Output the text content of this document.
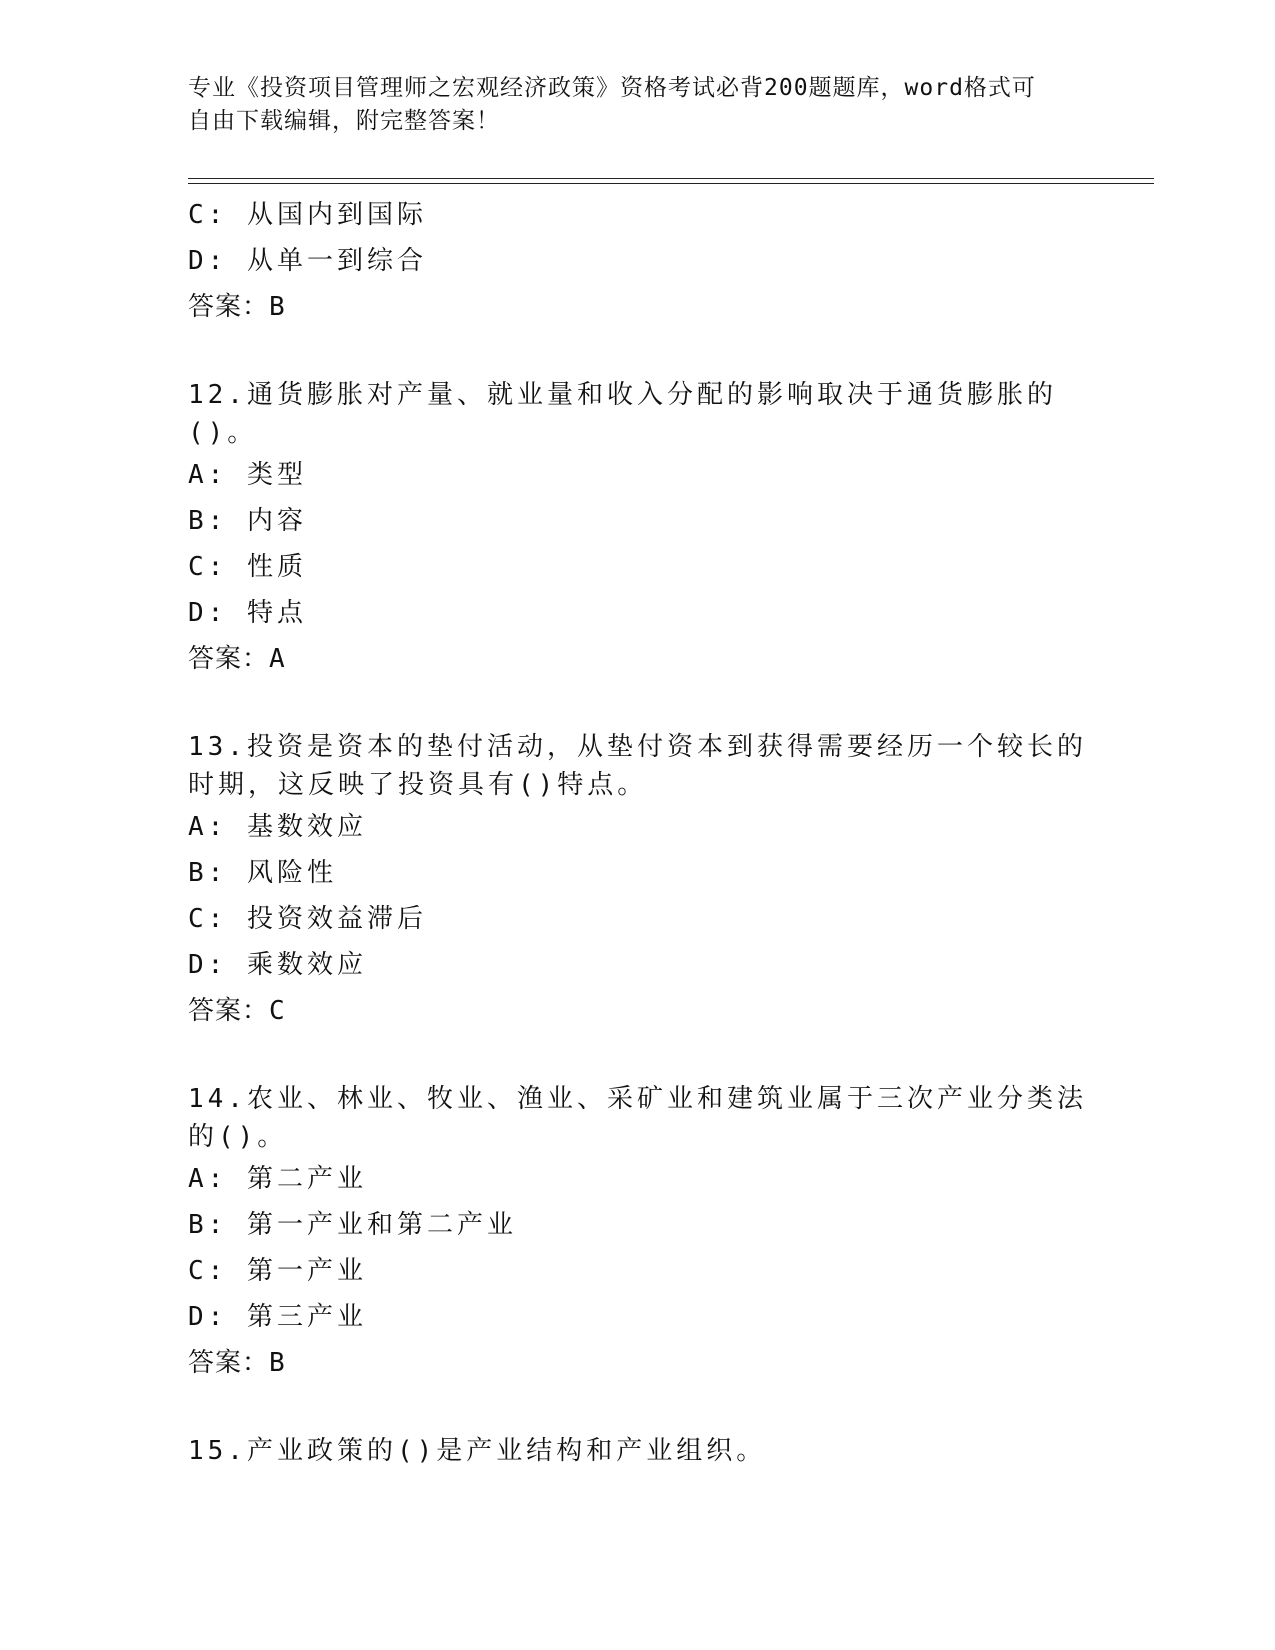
专业《投资项目管理师之宏观经济政策》资格考试必背200题题库，word格式可
自由下载编辑，附完整答案！
C: 从国内到国际
D: 从单一到综合
答案：B
12.通货膨胀对产量、就业量和收入分配的影响取决于通货膨胀的()。
A: 类型
B: 内容
C: 性质
D: 特点
答案：A
13.投资是资本的垫付活动，从垫付资本到获得需要经历一个较长的时期，这反映了投资具有()特点。
A: 基数效应
B: 风险性
C: 投资效益滞后
D: 乘数效应
答案：C
14.农业、林业、牧业、渔业、采矿业和建筑业属于三次产业分类法的()。
A: 第二产业
B: 第一产业和第二产业
C: 第一产业
D: 第三产业
答案：B
15.产业政策的()是产业结构和产业组织。
